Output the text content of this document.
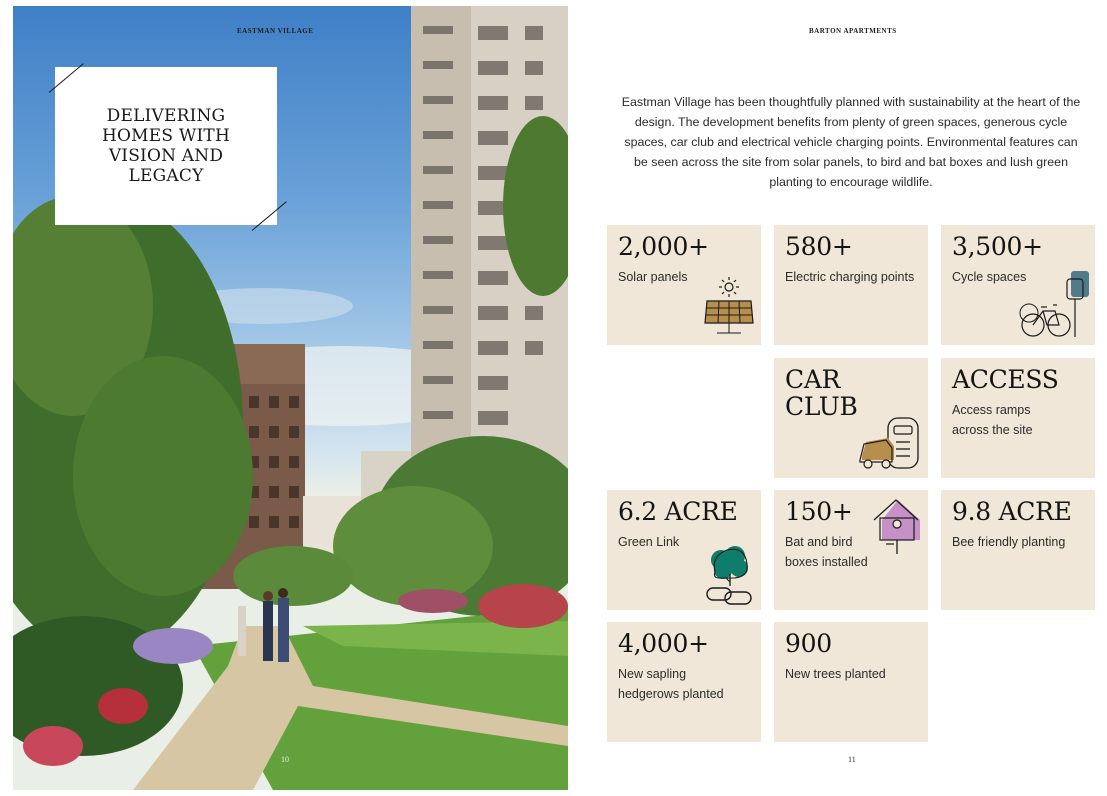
EASTMAN VILLAGE	BARTON APARTMENTS
DELIVERING HOMES WITH VISION AND LEGACY
10

Eastman Village has been thoughtfully planned with sustainability at the heart of the design. The development benefits from plenty of green spaces, generous cycle spaces, car club and electrical vehicle charging points. Environmental features can be seen across the site from solar panels, to bird and bat boxes and lush green planting to encourage wildlife.

2,000+
Solar panels
580+
Electric charging points
3,500+
Cycle spaces
CAR
CLUB
ACCESS
Access ramps
across the site
6.2 ACRE
Green Link
150+
Bat and bird
boxes installed
9.8 ACRE
Bee friendly planting
4,000+
New sapling
hedgerows planted
900
New trees planted
11
